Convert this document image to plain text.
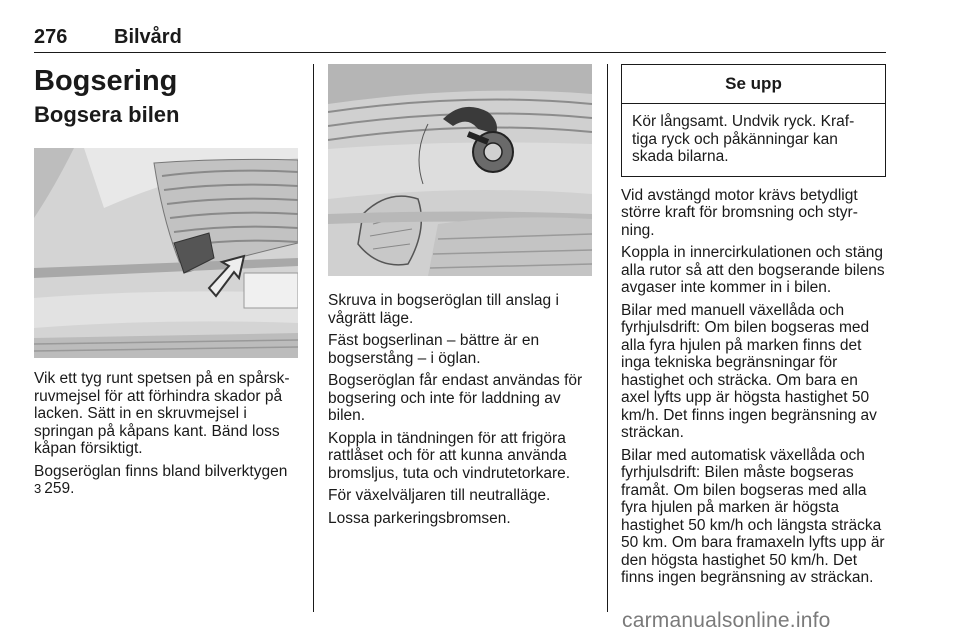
276 Bilvård
Bogsering
Bogsera bilen

Vik ett tyg runt spetsen på en spårsk-ruvmejsel för att förhindra skador på lacken. Sätt in en skruvmejsel i springan på kåpans kant. Bänd loss kåpan försiktigt.

Bogseröglan finns bland bilverktygen
3 259.

Skruva in bogseröglan till anslag i vågrätt läge.

Fäst bogserlinan – bättre är en bogserstång – i öglan.

Bogseröglan får endast användas för bogsering och inte för laddning av bilen.

Koppla in tändningen för att frigöra rattlåset och för att kunna använda bromsljus, tuta och vindrutetorkare.

För växelväljaren till neutralläge.

Lossa parkeringsbromsen.

Se upp
Kör långsamt. Undvik ryck. Kraf-tiga ryck och påkänningar kan skada bilarna.

Vid avstängd motor krävs betydligt större kraft för bromsning och styr-ning.

Koppla in innercirkulationen och stäng alla rutor så att den bogserande bilens avgaser inte kommer in i bilen.

Bilar med manuell växellåda och fyrhjulsdrift: Om bilen bogseras med alla fyra hjulen på marken finns det inga tekniska begränsningar för hastighet och sträcka. Om bara en axel lyfts upp är högsta hastighet 50 km/h. Det finns ingen begränsning av sträckan.

Bilar med automatisk växellåda och fyrhjulsdrift: Bilen måste bogseras framåt. Om bilen bogseras med alla fyra hjulen på marken är högsta hastighet 50 km/h och längsta sträcka 50 km. Om bara framaxeln lyfts upp är den högsta hastighet 50 km/h. Det finns ingen begränsning av sträckan.

carmanualsonline.info
